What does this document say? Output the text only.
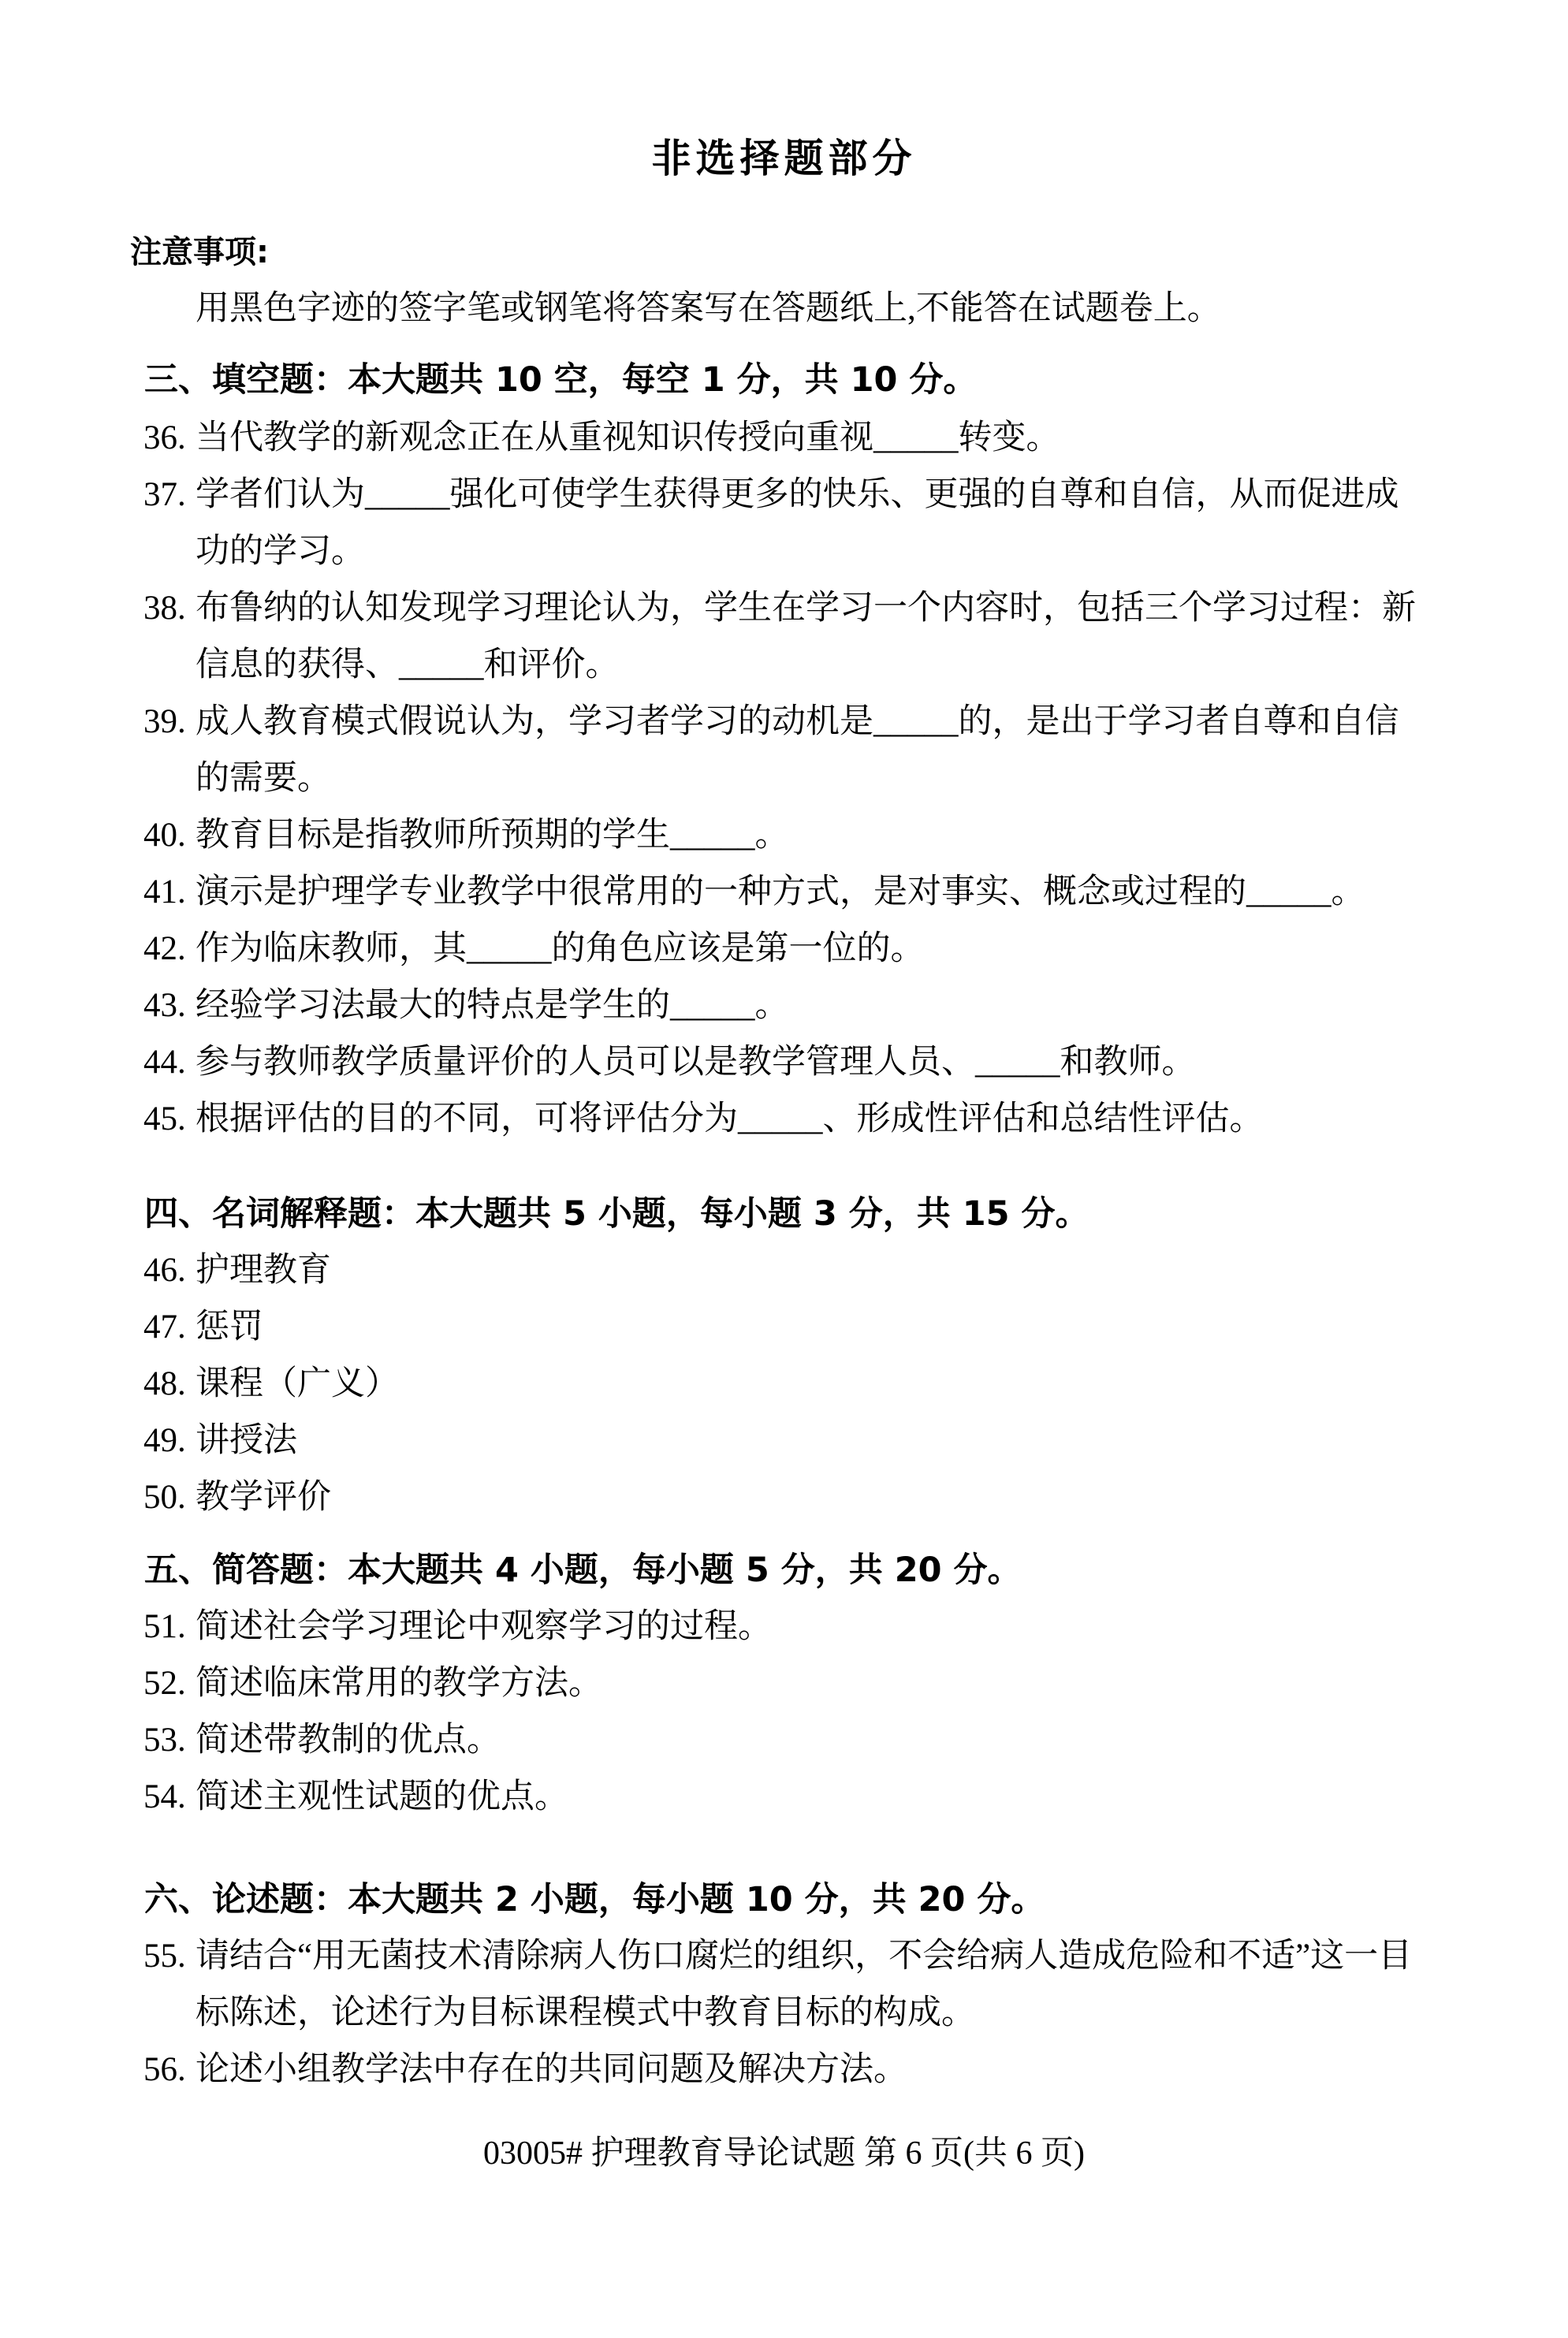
非选择题部分
注意事项:
用黑色字迹的签字笔或钢笔将答案写在答题纸上,不能答在试题卷上。
三、填空题：本大题共 10 空，每空 1 分，共 10 分。
36. 当代教学的新观念正在从重视知识传授向重视_____转变。
37. 学者们认为_____强化可使学生获得更多的快乐、更强的自尊和自信，从而促进成功的学习。
38. 布鲁纳的认知发现学习理论认为，学生在学习一个内容时，包括三个学习过程：新信息的获得、_____和评价。
39. 成人教育模式假说认为，学习者学习的动机是_____的，是出于学习者自尊和自信的需要。
40. 教育目标是指教师所预期的学生_____。
41. 演示是护理学专业教学中很常用的一种方式，是对事实、概念或过程的_____。
42. 作为临床教师，其_____的角色应该是第一位的。
43. 经验学习法最大的特点是学生的_____。
44. 参与教师教学质量评价的人员可以是教学管理人员、_____和教师。
45. 根据评估的目的不同，可将评估分为_____、形成性评估和总结性评估。
四、名词解释题：本大题共 5 小题，每小题 3 分，共 15 分。
46. 护理教育
47. 惩罚
48. 课程（广义）
49. 讲授法
50. 教学评价
五、简答题：本大题共 4 小题，每小题 5 分，共 20 分。
51. 简述社会学习理论中观察学习的过程。
52. 简述临床常用的教学方法。
53. 简述带教制的优点。
54. 简述主观性试题的优点。
六、论述题：本大题共 2 小题，每小题 10 分，共 20 分。
55. 请结合“用无菌技术清除病人伤口腐烂的组织，不会给病人造成危险和不适”这一目标陈述，论述行为目标课程模式中教育目标的构成。
56. 论述小组教学法中存在的共同问题及解决方法。
03005# 护理教育导论试题 第 6 页(共 6 页)
